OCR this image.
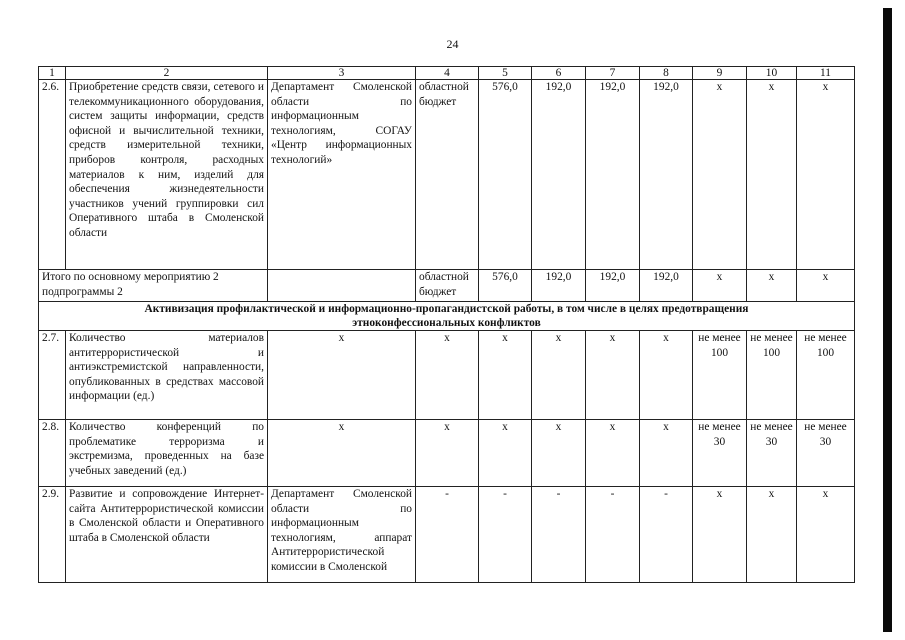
24
1	2	3	4	5	6	7	8	9	10	11
2.6.	Приобретение средств связи, сетевого и телекоммуникационного оборудования, систем защиты информации, средств офисной и вычислительной техники, средств измерительной техники, приборов контроля, расходных материалов к ним, изделий для обеспечения жизнедеятельности участников учений группировки сил Оперативного штаба в Смоленской области	Департамент Смоленской области по информационным технологиям, СОГАУ «Центр информационных технологий»	областной бюджет	576,0	192,0	192,0	192,0	х	х	х
Итого по основному мероприятию 2 подпрограммы 2			областной бюджет	576,0	192,0	192,0	192,0	х	х	х

Активизация профилактической и информационно-пропагандистской работы, в том числе в целях предотвращения
этноконфессиональных конфликтов										

2.7.	Количество материалов антитеррористической и антиэкстремистской направленности, опубликованных в средствах массовой информации (ед.)	х	х	х	х	х	х	не менее 100	не менее 100	не менее 100
2.8.	Количество конференций по проблематике терроризма и экстремизма, проведенных на базе учебных заведений (ед.)	х	х	х	х	х	х	не менее 30	не менее 30	не менее 30
2.9.	Развитие и сопровождение Интернет-сайта Антитеррористической комиссии в Смоленской области и Оперативного штаба в Смоленской области	Департамент Смоленской области по информационным технологиям, аппарат Антитеррористической комиссии в Смоленской	-	-	-	-	-	х	х	х
